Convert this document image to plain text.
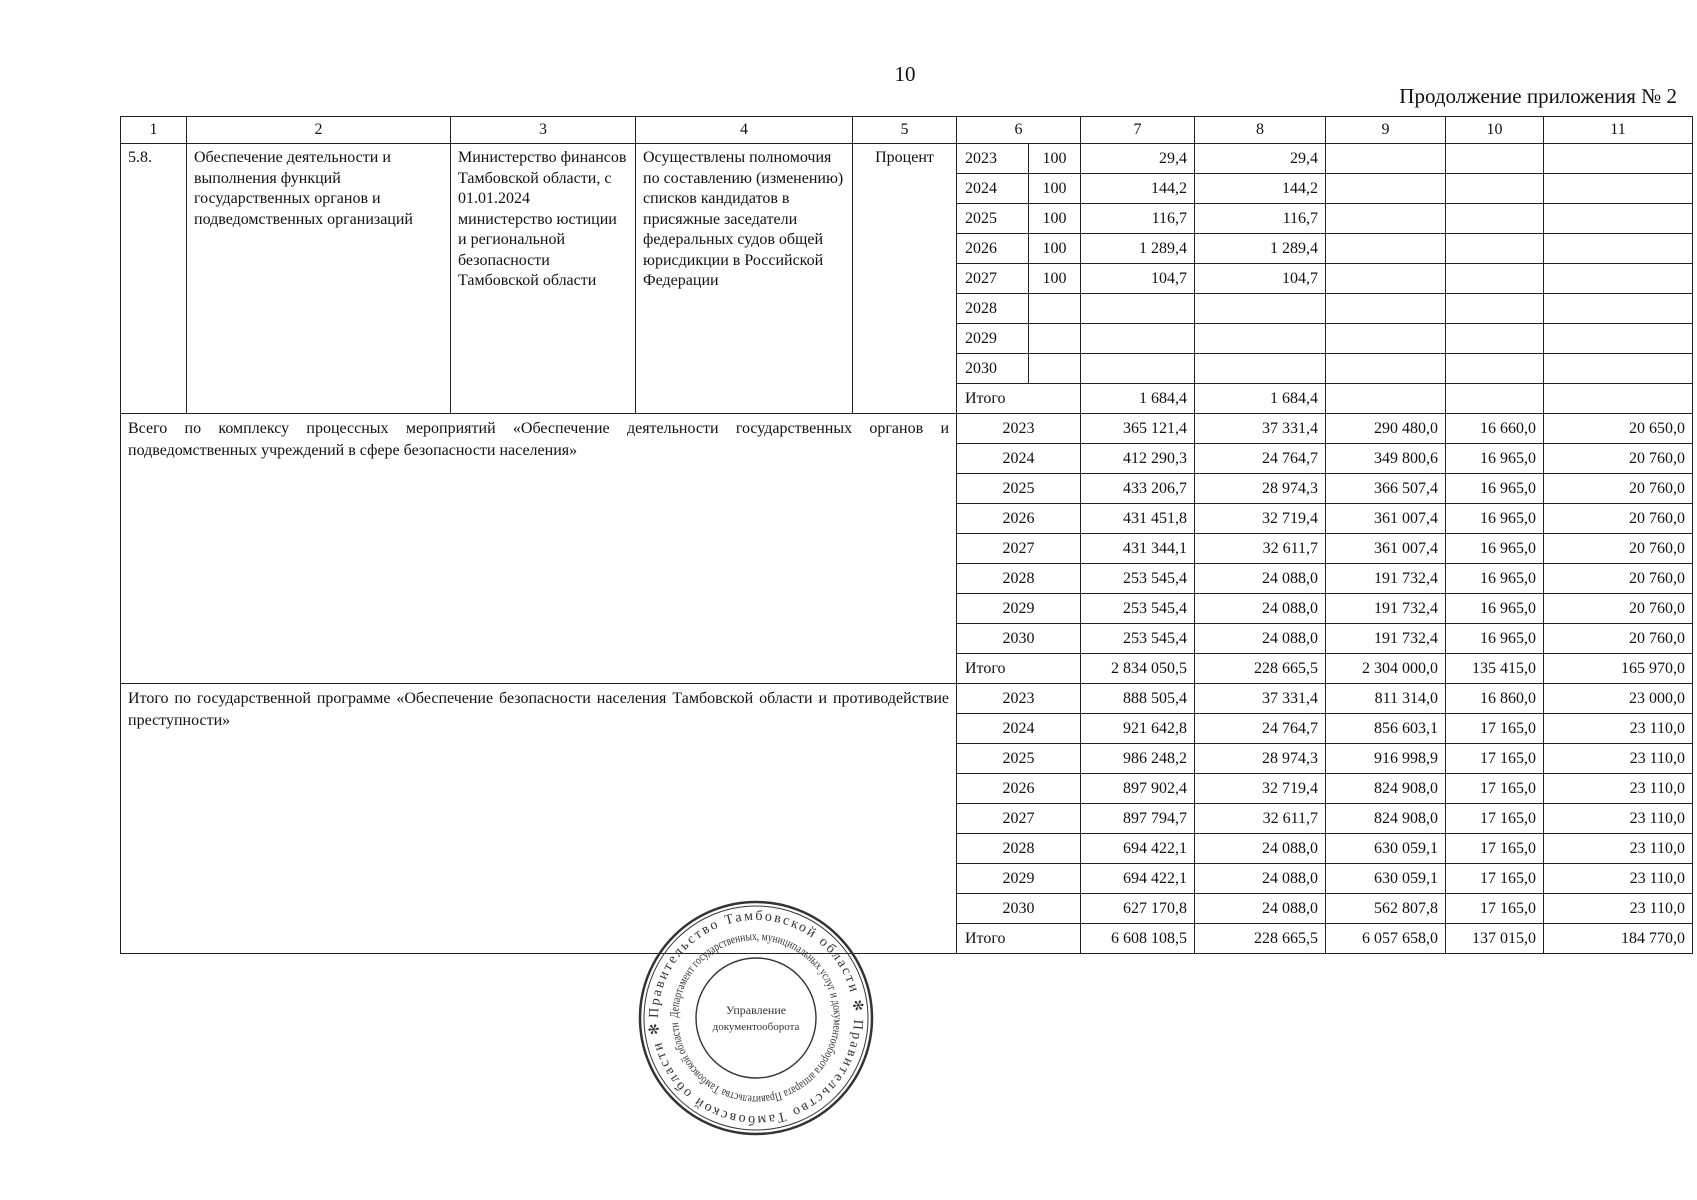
10
Продолжение приложения № 2
1	2	3	4	5	6		7	8	9	10	11
5.8.	Обеспечение деятельности и выполнения функций государственных органов и подведомственных организаций	Министерство финансов Тамбовской области, с 01.01.2024 министерство юстиции и региональной безопасности Тамбовской области	Осуществлены полномочия по составлению (изменению) списков кандидатов в присяжные заседатели федеральных судов общей юрисдикции в Российской Федерации	Процент	2023	100	29,4	29,4			
					2024	100	144,2	144,2			
					2025	100	116,7	116,7			
					2026	100	1 289,4	1 289,4			
					2027	100	104,7	104,7			
					2028						
					2029						
					2030						
					Итого		1 684,4	1 684,4			
Всего по комплексу процессных мероприятий «Обеспечение деятельности государственных органов и подведомственных учреждений в сфере безопасности населения»					2023		365 121,4	37 331,4	290 480,0	16 660,0	20 650,0
					2024		412 290,3	24 764,7	349 800,6	16 965,0	20 760,0
					2025		433 206,7	28 974,3	366 507,4	16 965,0	20 760,0
					2026		431 451,8	32 719,4	361 007,4	16 965,0	20 760,0
					2027		431 344,1	32 611,7	361 007,4	16 965,0	20 760,0
					2028		253 545,4	24 088,0	191 732,4	16 965,0	20 760,0
					2029		253 545,4	24 088,0	191 732,4	16 965,0	20 760,0
					2030		253 545,4	24 088,0	191 732,4	16 965,0	20 760,0
					Итого		2 834 050,5	228 665,5	2 304 000,0	135 415,0	165 970,0
Итого по государственной программе «Обеспечение безопасности населения Тамбовской области и противодействие преступности»					2023		888 505,4	37 331,4	811 314,0	16 860,0	23 000,0
					2024		921 642,8	24 764,7	856 603,1	17 165,0	23 110,0
					2025		986 248,2	28 974,3	916 998,9	17 165,0	23 110,0
					2026		897 902,4	32 719,4	824 908,0	17 165,0	23 110,0
					2027		897 794,7	32 611,7	824 908,0	17 165,0	23 110,0
					2028		694 422,1	24 088,0	630 059,1	17 165,0	23 110,0
					2029		694 422,1	24 088,0	630 059,1	17 165,0	23 110,0
					2030		627 170,8	24 088,0	562 807,8	17 165,0	23 110,0
					Итого		6 608 108,5	228 665,5	6 057 658,0	137 015,0	184 770,0
Правительство Тамбовской области ✻ Правительство Тамбовской области ✻
Департамент государственных, муниципальных услуг и документооборота аппарата Правительства Тамбовской области
Управление
документооборота
